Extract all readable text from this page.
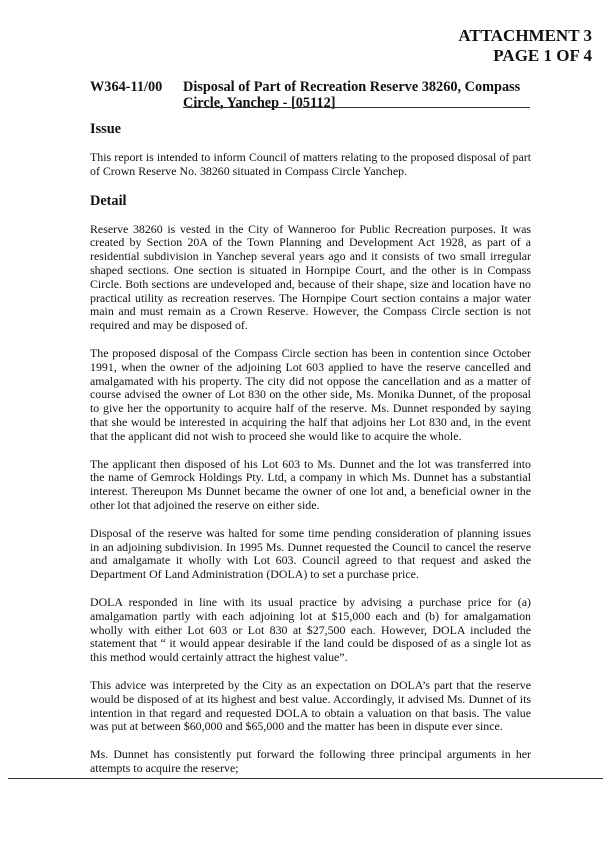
ATTACHMENT 3
PAGE 1 OF 4
W364-11/00 Disposal of Part of Recreation Reserve 38260, Compass Circle, Yanchep - [05112]
Issue

This report is intended to inform Council of matters relating to the proposed disposal of part of Crown Reserve No. 38260 situated in Compass Circle Yanchep.

Detail

Reserve 38260 is vested in the City of Wanneroo for Public Recreation purposes. It was created by Section 20A of the Town Planning and Development Act 1928, as part of a residential subdivision in Yanchep several years ago and it consists of two small irregular shaped sections. One section is situated in Hornpipe Court, and the other is in Compass Circle. Both sections are undeveloped and, because of their shape, size and location have no practical utility as recreation reserves. The Hornpipe Court section contains a major water main and must remain as a Crown Reserve. However, the Compass Circle section is not required and may be disposed of.

The proposed disposal of the Compass Circle section has been in contention since October 1991, when the owner of the adjoining Lot 603 applied to have the reserve cancelled and amalgamated with his property. The city did not oppose the cancellation and as a matter of course advised the owner of Lot 830 on the other side, Ms. Monika Dunnet, of the proposal to give her the opportunity to acquire half of the reserve. Ms. Dunnet responded by saying that she would be interested in acquiring the half that adjoins her Lot 830 and, in the event that the applicant did not wish to proceed she would like to acquire the whole.

The applicant then disposed of his Lot 603 to Ms. Dunnet and the lot was transferred into the name of Gemrock Holdings Pty. Ltd, a company in which Ms. Dunnet has a substantial interest. Thereupon Ms Dunnet became the owner of one lot and, a beneficial owner in the other lot that adjoined the reserve on either side.

Disposal of the reserve was halted for some time pending consideration of planning issues in an adjoining subdivision. In 1995 Ms. Dunnet requested the Council to cancel the reserve and amalgamate it wholly with Lot 603. Council agreed to that request and asked the Department Of Land Administration (DOLA) to set a purchase price.

DOLA responded in line with its usual practice by advising a purchase price for (a) amalgamation partly with each adjoining lot at $15,000 each and (b) for amalgamation wholly with either Lot 603 or Lot 830 at $27,500 each. However, DOLA included the statement that “ it would appear desirable if the land could be disposed of as a single lot as this method would certainly attract the highest value”.

This advice was interpreted by the City as an expectation on DOLA’s part that the reserve would be disposed of at its highest and best value. Accordingly, it advised Ms. Dunnet of its intention in that regard and requested DOLA to obtain a valuation on that basis. The value was put at between $60,000 and $65,000 and the matter has been in dispute ever since.

Ms. Dunnet has consistently put forward the following three principal arguments in her attempts to acquire the reserve;
